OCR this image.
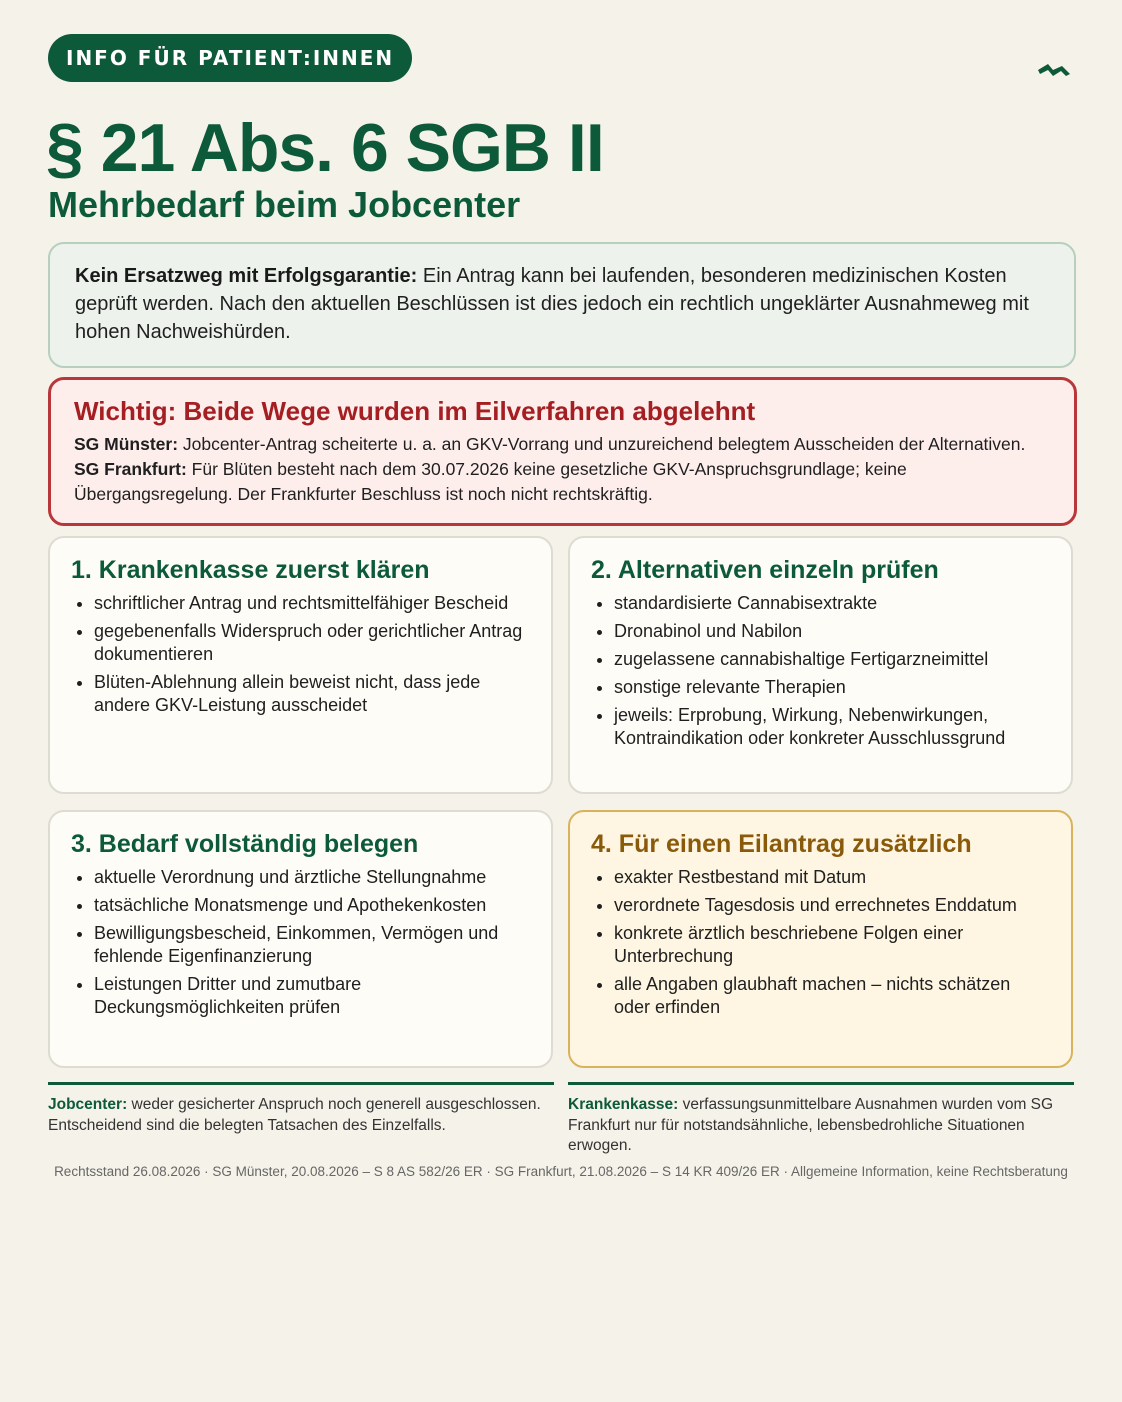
INFO FÜR PATIENT:INNEN
§ 21 Abs. 6 SGB II
Mehrbedarf beim Jobcenter
Kein Ersatzweg mit Erfolgsgarantie: Ein Antrag kann bei laufenden, besonderen medizinischen Kosten geprüft werden. Nach den aktuellen Beschlüssen ist dies jedoch ein rechtlich ungeklärter Ausnahmeweg mit hohen Nachweishürden.
Wichtig: Beide Wege wurden im Eilverfahren abgelehnt
SG Münster: Jobcenter-Antrag scheiterte u. a. an GKV-Vorrang und unzureichend belegtem Ausscheiden der Alternativen. SG Frankfurt: Für Blüten besteht nach dem 30.07.2026 keine gesetzliche GKV-Anspruchsgrundlage; keine Übergangsregelung. Der Frankfurter Beschluss ist noch nicht rechtskräftig.
1. Krankenkasse zuerst klären
• schriftlicher Antrag und rechtsmittelfähiger Bescheid
• gegebenenfalls Widerspruch oder gerichtlicher Antrag dokumentieren
• Blüten-Ablehnung allein beweist nicht, dass jede andere GKV-Leistung ausscheidet
2. Alternativen einzeln prüfen
• standardisierte Cannabisextrakte
• Dronabinol und Nabilon
• zugelassene cannabishaltige Fertigarzneimittel
• sonstige relevante Therapien
• jeweils: Erprobung, Wirkung, Nebenwirkungen, Kontraindikation oder konkreter Ausschlussgrund
3. Bedarf vollständig belegen
• aktuelle Verordnung und ärztliche Stellungnahme
• tatsächliche Monatsmenge und Apothekenkosten
• Bewilligungsbescheid, Einkommen, Vermögen und fehlende Eigenfinanzierung
• Leistungen Dritter und zumutbare Deckungsmöglichkeiten prüfen
4. Für einen Eilantrag zusätzlich
• exakter Restbestand mit Datum
• verordnete Tagesdosis und errechnetes Enddatum
• konkrete ärztlich beschriebene Folgen einer Unterbrechung
• alle Angaben glaubhaft machen – nichts schätzen oder erfinden
Jobcenter: weder gesicherter Anspruch noch generell ausgeschlossen. Entscheidend sind die belegten Tatsachen des Einzelfalls.
Krankenkasse: verfassungsunmittelbare Ausnahmen wurden vom SG Frankfurt nur für notstandsähnliche, lebensbedrohliche Situationen erwogen.
Rechtsstand 26.08.2026 · SG Münster, 20.08.2026 – S 8 AS 582/26 ER · SG Frankfurt, 21.08.2026 – S 14 KR 409/26 ER · Allgemeine Information, keine Rechtsberatung
